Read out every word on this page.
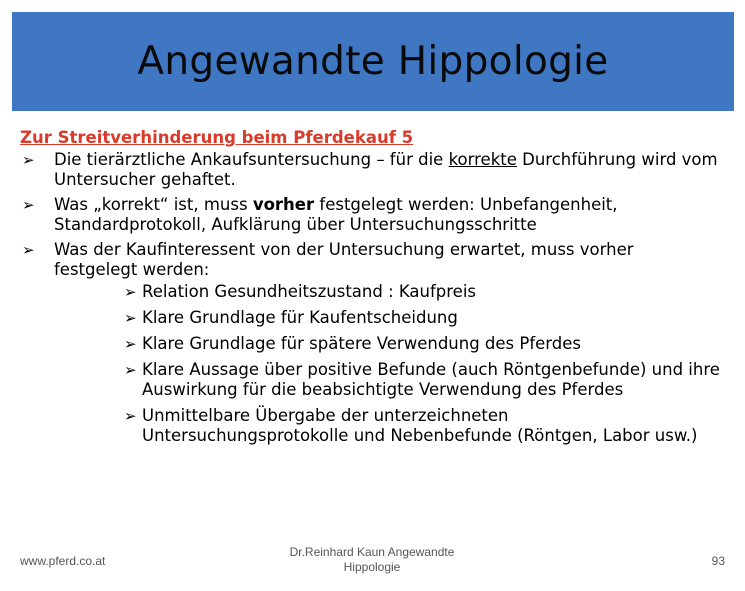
Angewandte Hippologie
Zur Streitverhinderung beim Pferdekauf 5
➢ Die tierärztliche Ankaufsuntersuchung – für die korrekte Durchführung wird vom Untersucher gehaftet.
➢ Was „korrekt“ ist, muss vorher festgelegt werden: Unbefangenheit, Standardprotokoll, Aufklärung über Untersuchungsschritte
➢ Was der Kaufinteressent von der Untersuchung erwartet, muss vorher festgelegt werden:
➢ Relation Gesundheitszustand : Kaufpreis
➢ Klare Grundlage für Kaufentscheidung
➢ Klare Grundlage für spätere Verwendung des Pferdes
➢ Klare Aussage über positive Befunde (auch Röntgenbefunde) und ihre Auswirkung für die beabsichtigte Verwendung des Pferdes
➢ Unmittelbare Übergabe der unterzeichneten Untersuchungsprotokolle und Nebenbefunde (Röntgen, Labor usw.)
www.pferd.co.at
Dr.Reinhard Kaun Angewandte Hippologie	93
